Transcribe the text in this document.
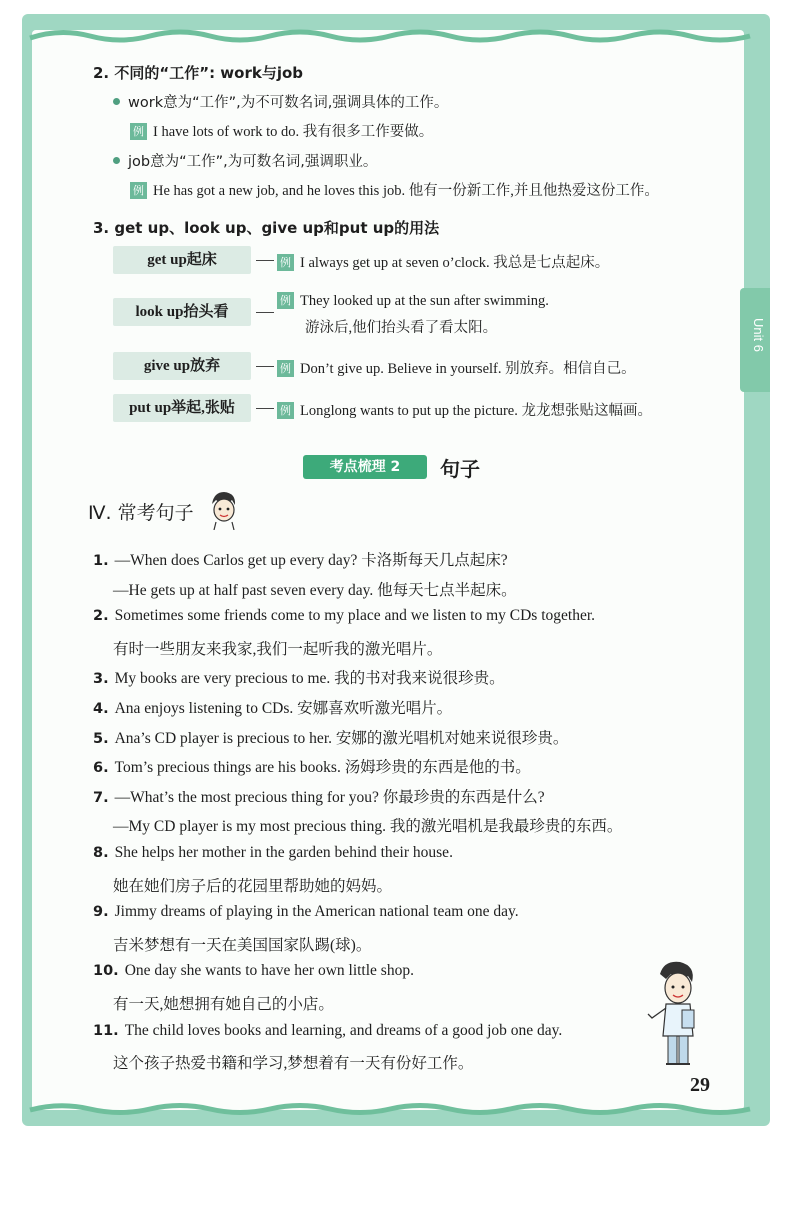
Unit 6
2. 不同的“工作”: work与job
work意为“工作”,为不可数名词,强调具体的工作。
例 I have lots of work to do. 我有很多工作要做。
job意为“工作”,为可数名词,强调职业。
例 He has got a new job, and he loves this job. 他有一份新工作,并且他热爱这份工作。
3. get up、look up、give up和put up的用法
get up起床	例 I always get up at seven o’clock. 我总是七点起床。
look up抬头看
例 They looked up at the sun after swimming.
游泳后,他们抬头看了看太阳。
give up放弃	例 Don’t give up. Believe in yourself. 别放弃。相信自己。
put up举起,张贴	例 Longlong wants to put up the picture. 龙龙想张贴这幅画。
考点梳理 2	句子
Ⅳ. 常考句子
1. —When does Carlos get up every day? 卡洛斯每天几点起床?
—He gets up at half past seven every day. 他每天七点半起床。
2. Sometimes some friends come to my place and we listen to my CDs together.
有时一些朋友来我家,我们一起听我的激光唱片。
3. My books are very precious to me. 我的书对我来说很珍贵。
4. Ana enjoys listening to CDs. 安娜喜欢听激光唱片。
5. Ana’s CD player is precious to her. 安娜的激光唱机对她来说很珍贵。
6. Tom’s precious things are his books. 汤姆珍贵的东西是他的书。
7. —What’s the most precious thing for you? 你最珍贵的东西是什么?
—My CD player is my most precious thing. 我的激光唱机是我最珍贵的东西。
8. She helps her mother in the garden behind their house.
她在她们房子后的花园里帮助她的妈妈。
9. Jimmy dreams of playing in the American national team one day.
吉米梦想有一天在美国国家队踢(球)。
10. One day she wants to have her own little shop.
有一天,她想拥有她自己的小店。
11. The child loves books and learning, and dreams of a good job one day.
这个孩子热爱书籍和学习,梦想着有一天有份好工作。
29
